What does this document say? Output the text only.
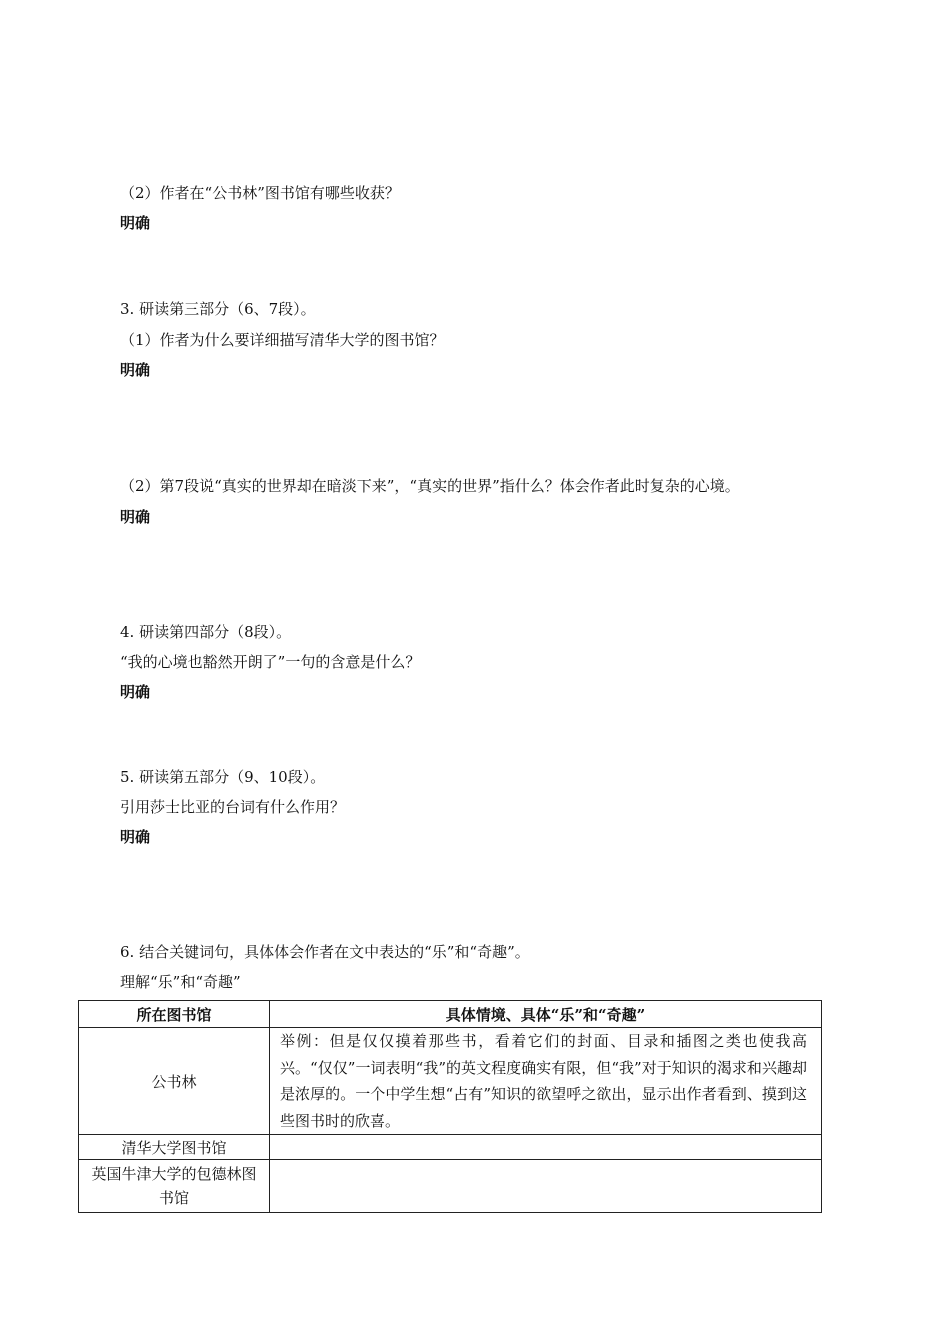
（2）作者在“公书林”图书馆有哪些收获？
明确
3. 研读第三部分（6、7段）。
（1）作者为什么要详细描写清华大学的图书馆？
明确
（2）第7段说“真实的世界却在暗淡下来”，“真实的世界”指什么？体会作者此时复杂的心境。
明确
4. 研读第四部分（8段）。
“我的心境也豁然开朗了”一句的含意是什么？
明确
5. 研读第五部分（9、10段）。
引用莎士比亚的台词有什么作用？
明确
6. 结合关键词句，具体体会作者在文中表达的“乐”和“奇趣”。
理解“乐”和“奇趣”
所在图书馆	具体情境、具体“乐”和“奇趣”
公书林	举例：但是仅仅摸着那些书，看着它们的封面、目录和插图之类也使我高兴。“仅仅”一词表明“我”的英文程度确实有限，但“我”对于知识的渴求和兴趣却是浓厚的。一个中学生想“占有”知识的欲望呼之欲出，显示出作者看到、摸到这些图书时的欣喜。
清华大学图书馆	
英国牛津大学的包德林图书馆	
